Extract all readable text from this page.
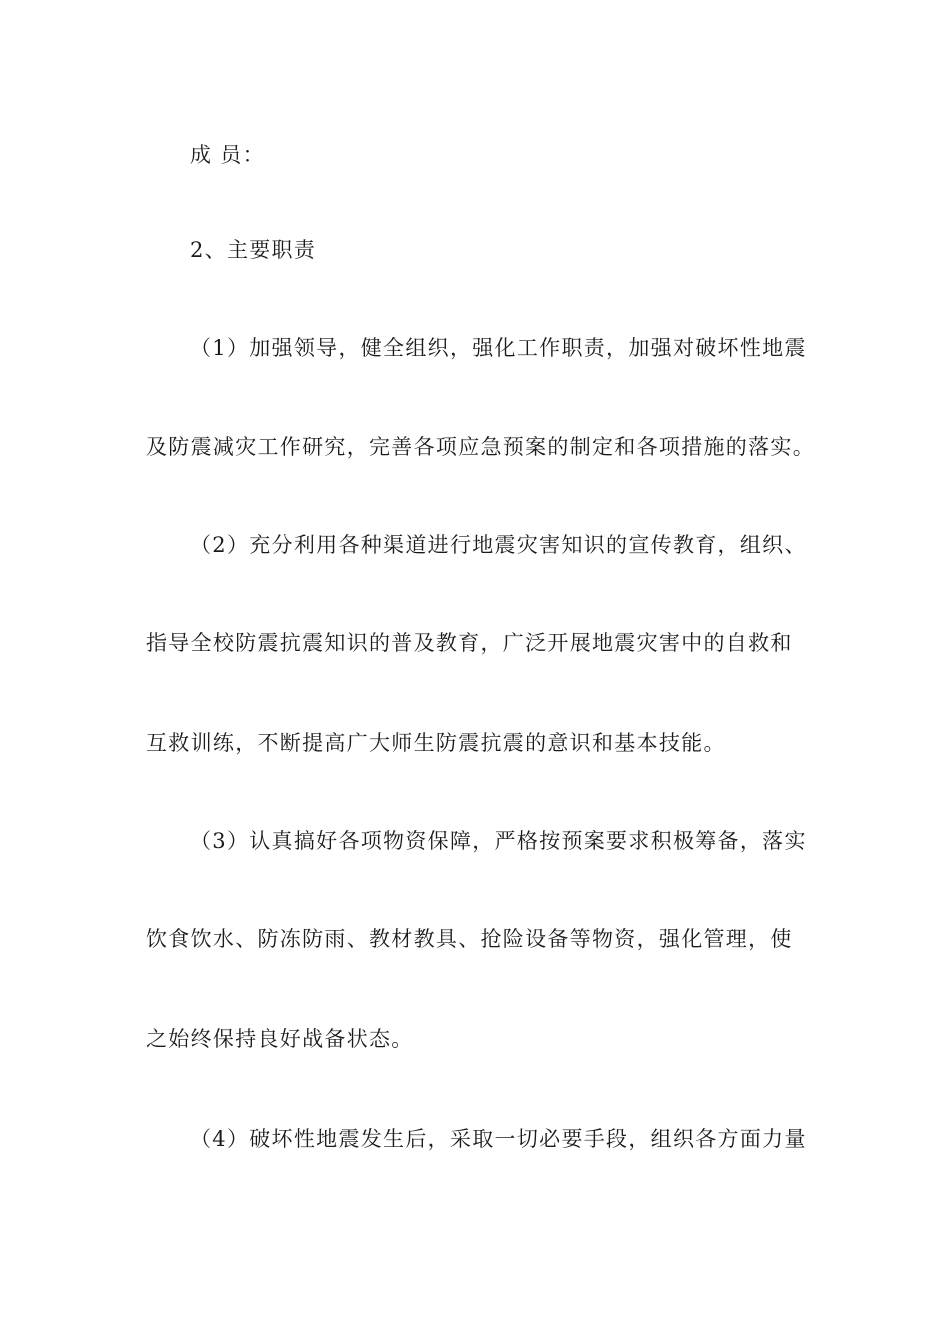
成 员：
2、主要职责
（1）加强领导，健全组织，强化工作职责，加强对破坏性地震
及防震减灾工作研究，完善各项应急预案的制定和各项措施的落实。
（2）充分利用各种渠道进行地震灾害知识的宣传教育，组织、
指导全校防震抗震知识的普及教育，广泛开展地震灾害中的自救和
互救训练，不断提高广大师生防震抗震的意识和基本技能。
（3）认真搞好各项物资保障，严格按预案要求积极筹备，落实
饮食饮水、防冻防雨、教材教具、抢险设备等物资，强化管理，使
之始终保持良好战备状态。
（4）破坏性地震发生后，采取一切必要手段，组织各方面力量
